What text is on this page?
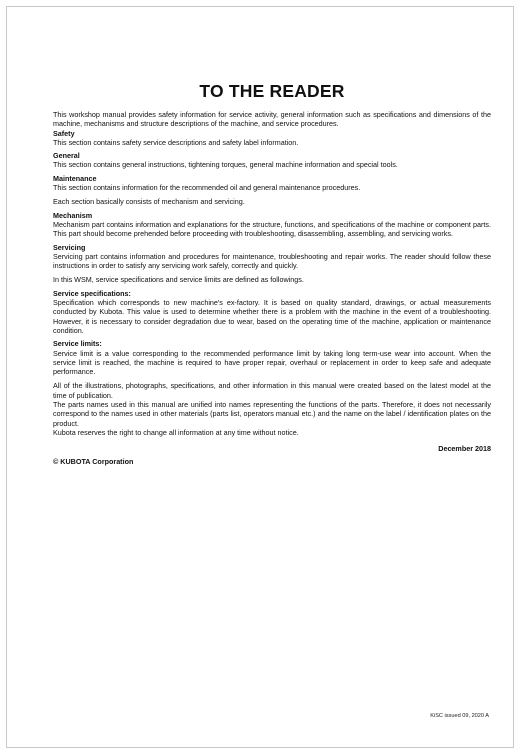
TO THE READER

This workshop manual provides safety information for service activity, general information such as specifications and dimensions of the machine, mechanisms and structure descriptions of the machine, and service procedures.

Safety

This section contains safety service descriptions and safety label information.

General

This section contains general instructions, tightening torques, general machine information and special tools.

Maintenance

This section contains information for the recommended oil and general maintenance procedures.

Each section basically consists of mechanism and servicing.

Mechanism

Mechanism part contains information and explanations for the structure, functions, and specifications of the machine or component parts. This part should become prehended before proceeding with troubleshooting, disassembling, assembling, and servicing works.

Servicing

Servicing part contains information and procedures for maintenance, troubleshooting and repair works. The reader should follow these instructions in order to satisfy any servicing work safely, correctly and quickly.

In this WSM, service specifications and service limits are defined as followings.

Service specifications:

Specification which corresponds to new machine's ex-factory. It is based on quality standard, drawings, or actual measurements conducted by Kubota. This value is used to determine whether there is a problem with the machine in the event of a troubleshooting. However, it is necessary to consider degradation due to wear, based on the operating time of the machine, application or maintenance condition.

Service limits:

Service limit is a value corresponding to the recommended performance limit by taking long term-use wear into account. When the service limit is reached, the machine is required to have proper repair, overhaul or replacement in order to keep safe and adequate performance.

All of the illustrations, photographs, specifications, and other information in this manual were created based on the latest model at the time of publication.

The parts names used in this manual are unified into names representing the functions of the parts. Therefore, it does not necessarily correspond to the names used in other materials (parts list, operators manual etc.) and the name on the label / identification plates on the product.

Kubota reserves the right to change all information at any time without notice.

December 2018

© KUBOTA Corporation

KiSC issued 09, 2020 A
